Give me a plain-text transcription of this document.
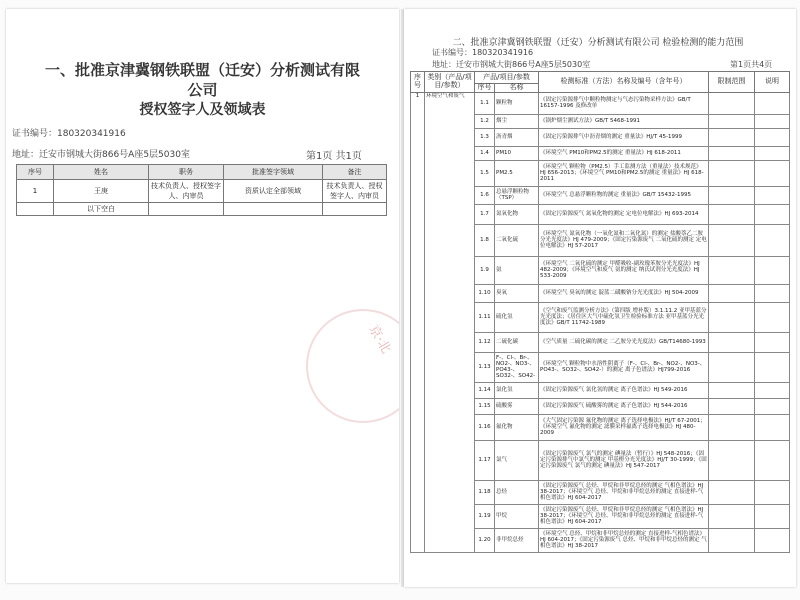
一、批准京津冀钢铁联盟（迁安）分析测试有限
公司
授权签字人及领域表
证书编号：180320341916
地址：迁安市钢城大街866号A座5层5030室	第1页 共1页
序号	姓名	职务	批准签字领域	备注
1	王庚	技术负责人、授权签字人、内审员	资质认定全部领域	技术负责人、授权签字人、内审员
	以下空白			
京·北
二、批准京津冀钢铁联盟（迁安）分析测试有限公司 检验检测的能力范围
证书编号：180320341916
地址：迁安市钢城大街866号A座5层5030室	第1页共4页
序号	类别（产品/项目/参数）	产品/项目/参数		检测标准（方法）名称及编号（含年号）	限制范围	说明
		序号	名称			
1	环境空气和废气	1.1	颗粒物	《固定污染源排气中颗粒物测定与气态污染物采样方法》GB/T 16157-1996 及修改单		
		1.2	烟尘	《锅炉烟尘测试方法》GB/T 5468-1991		
		1.3	沥青烟	《固定污染源排气中沥青烟的测定 重量法》HJ/T 45-1999		
		1.4	PM10	《环境空气 PM10和PM2.5的测定 重量法》HJ 618-2011		
		1.5	PM2.5	《环境空气 颗粒物（PM2.5）手工监测方法（重量法）技术规范》HJ 656-2013；《环境空气 PM10和PM2.5的测定 重量法》HJ 618-2011		
		1.6	总悬浮颗粒物（TSP）	《环境空气 总悬浮颗粒物的测定 重量法》GB/T 15432-1995		
		1.7	氮氧化物	《固定污染源废气 氮氧化物的测定 定电位电解法》HJ 693-2014		
		1.8	二氧化硫	《环境空气 氮氧化物（一氧化氮和二氧化氮）的测定 盐酸萘乙二胺分光光度法》HJ 479-2009；《固定污染源废气 二氧化硫的测定 定电位电解法》HJ 57-2017		
		1.9	氨	《环境空气 二氧化硫的测定 甲醛吸收-副玫瑰苯胺分光光度法》HJ 482-2009；《环境空气和废气 氨的测定 纳氏试剂分光光度法》HJ 533-2009		
		1.10	臭氧	《环境空气 臭氧的测定 靛蓝二磺酸钠分光光度法》HJ 504-2009		
		1.11	硫化氢	《空气和废气监测分析方法》（第四版 增补版）3.1.11.2 亚甲基蓝分光光度法；《居住区大气中硫化氢卫生检验标准方法 亚甲基蓝分光光度法》GB/T 11742-1989		
		1.12	二硫化碳	《空气质量 二硫化碳的测定 二乙胺分光光度法》GB/T14680-1993		
		1.13	F-、Cl-、Br-、NO2-、NO3-、PO43-、SO32-、SO42-	《环境空气 颗粒物中水溶性阴离子（F-、Cl-、Br-、NO2-、NO3-、PO43-、SO32-、SO42-）的测定 离子色谱法》HJ799-2016		
		1.14	氯化氢	《固定污染源废气 氯化氢的测定 离子色谱法》HJ 549-2016		
		1.15	硫酸雾	《固定污染源废气 硫酸雾的测定 离子色谱法》HJ 544-2016		
		1.16	氟化物	《大气固定污染源 氟化物的测定 离子选择电极法》HJ/T 67-2001；《环境空气 氟化物的测定 滤膜采样氟离子选择电极法》HJ 480-2009		
		1.17	氯气	《固定污染源废气 氯气的测定 碘量法（暂行）》HJ 548-2016；《固定污染源排气中氯气的测定 甲基橙分光光度法》HJ/T 30-1999；《固定污染源废气 氯气的测定 碘量法》HJ 547-2017		
		1.18	总烃	《固定污染源废气 总烃、甲烷和非甲烷总烃的测定 气相色谱法》HJ 38-2017；《环境空气 总烃、甲烷和非甲烷总烃的测定 直接进样-气相色谱法》HJ 604-2017		
		1.19	甲烷	《固定污染源废气 总烃、甲烷和非甲烷总烃的测定 气相色谱法》HJ 38-2017；《环境空气 总烃、甲烷和非甲烷总烃的测定 直接进样-气相色谱法》HJ 604-2017		
		1.20	非甲烷总烃	《环境空气 总烃、甲烷和非甲烷总烃的测定 直接进样-气相色谱法》HJ 604-2017；《固定污染源废气 总烃、甲烷和非甲烷总烃的测定 气相色谱法》HJ 38-2017		
